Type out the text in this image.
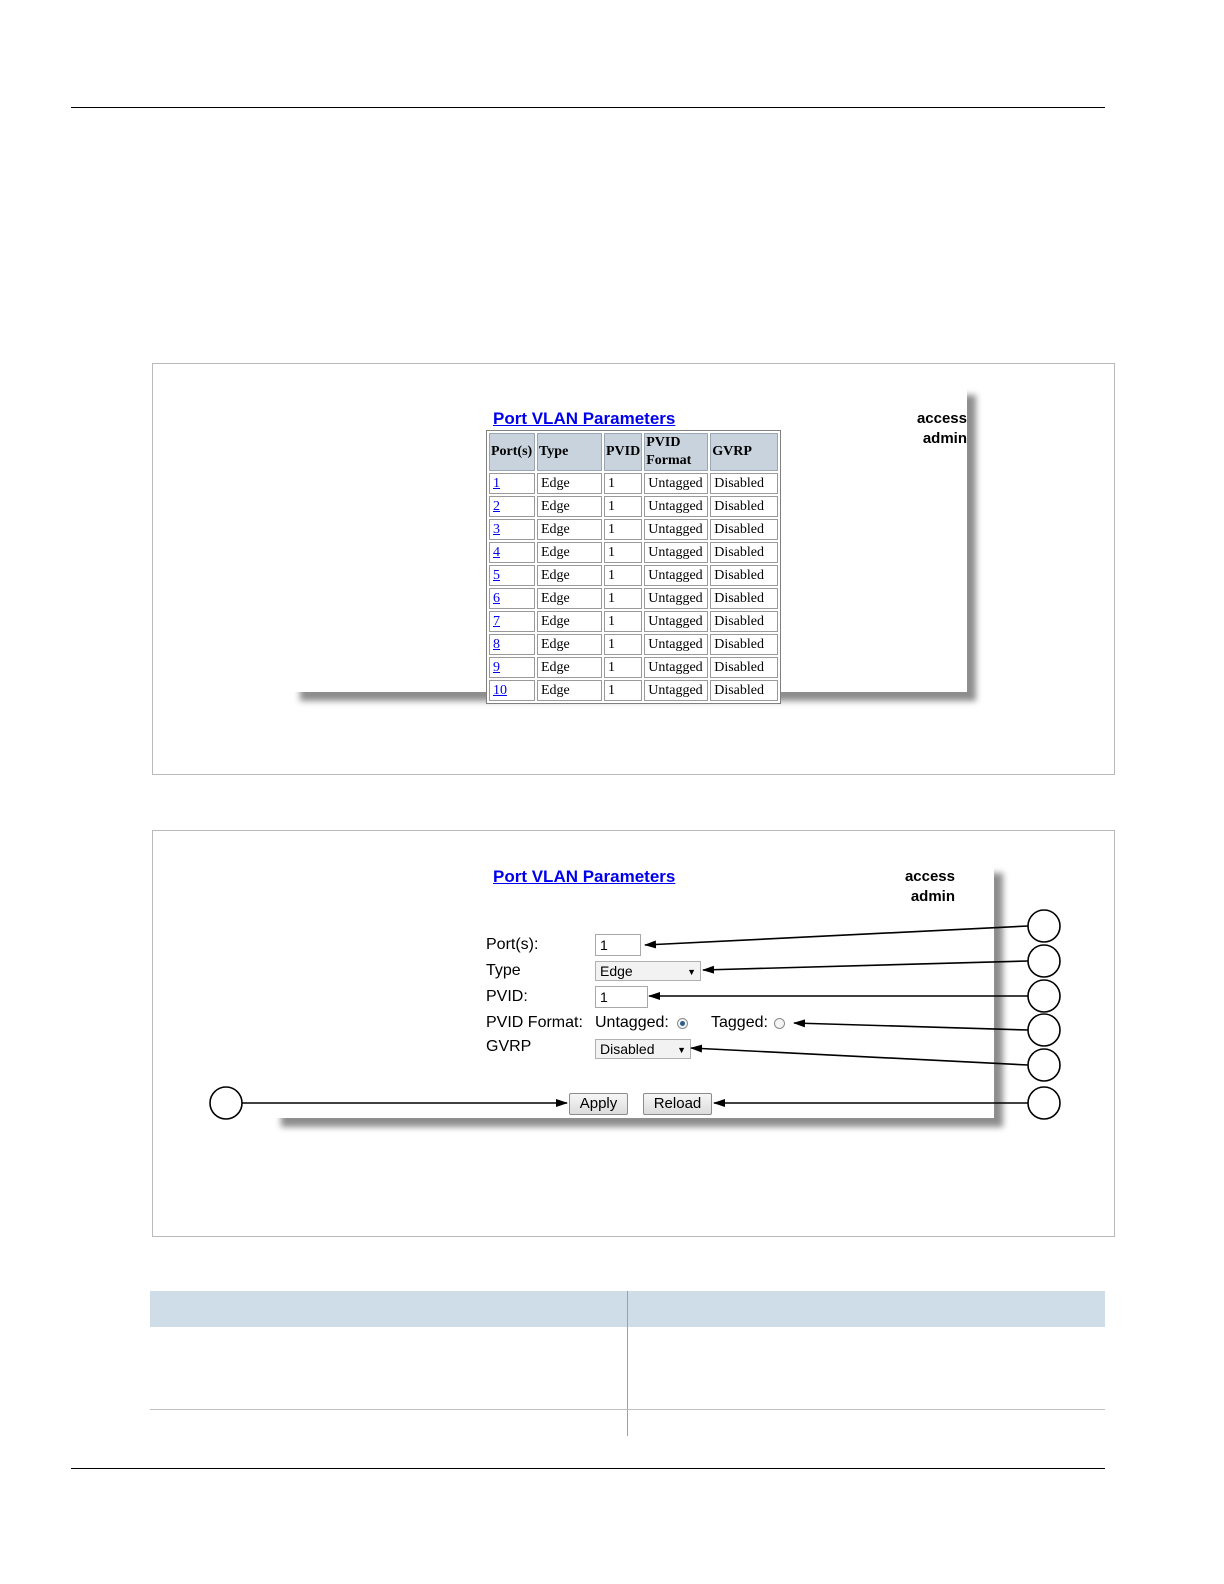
Port VLAN Parameters	access
admin
Port(s)	Type	PVID	PVID Format	GVRP
1	Edge	1	Untagged	Disabled
2	Edge	1	Untagged	Disabled
3	Edge	1	Untagged	Disabled
4	Edge	1	Untagged	Disabled
5	Edge	1	Untagged	Disabled
6	Edge	1	Untagged	Disabled
7	Edge	1	Untagged	Disabled
8	Edge	1	Untagged	Disabled
9	Edge	1	Untagged	Disabled
10	Edge	1	Untagged	Disabled
Port VLAN Parameters	access
admin
Port(s):	1
Type	Edge	▼
PVID:	1
PVID Format: Untagged:	Tagged:
GVRP	Disabled	▼
Apply	Reload
